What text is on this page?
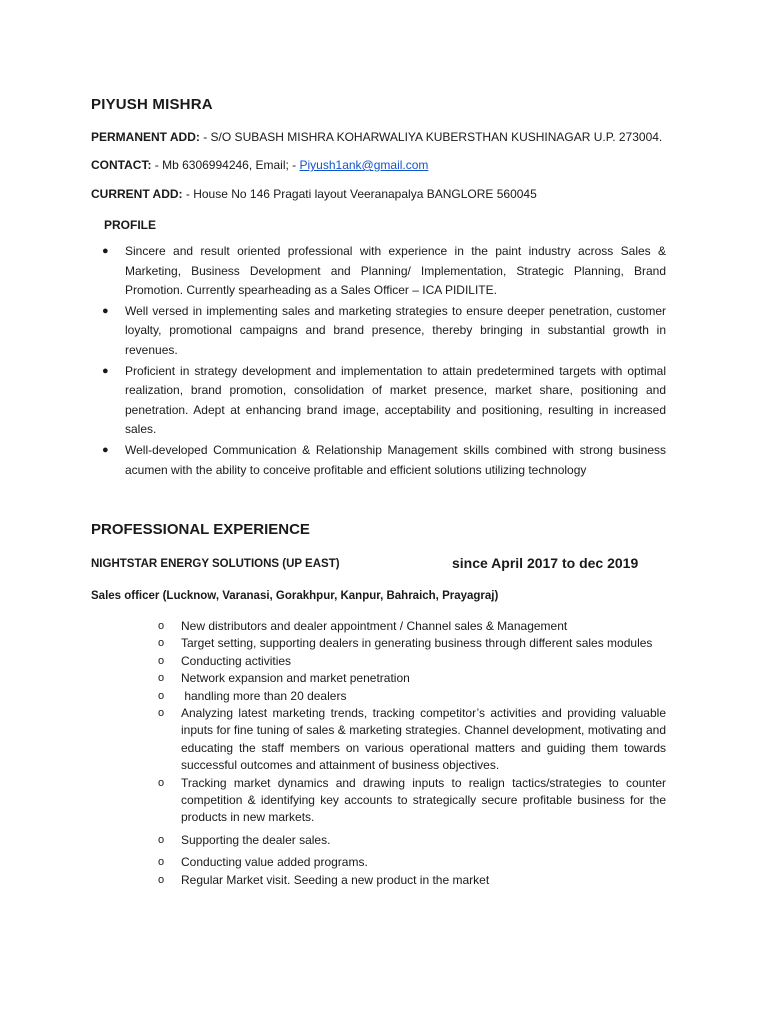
PIYUSH MISHRA
PERMANENT ADD: - S/O SUBASH MISHRA KOHARWALIYA KUBERSTHAN KUSHINAGAR U.P. 273004.
CONTACT: - Mb 6306994246, Email; - Piyush1ank@gmail.com
CURRENT ADD: - House No 146 Pragati layout Veeranapalya BANGLORE 560045
PROFILE
● Sincere and result oriented professional with experience in the paint industry across Sales & Marketing, Business Development and Planning/ Implementation, Strategic Planning, Brand Promotion. Currently spearheading as a Sales Officer – ICA PIDILITE.
● Well versed in implementing sales and marketing strategies to ensure deeper penetration, customer loyalty, promotional campaigns and brand presence, thereby bringing in substantial growth in revenues.
● Proficient in strategy development and implementation to attain predetermined targets with optimal realization, brand promotion, consolidation of market presence, market share, positioning and penetration. Adept at enhancing brand image, acceptability and positioning, resulting in increased sales.
● Well-developed Communication & Relationship Management skills combined with strong business acumen with the ability to conceive profitable and efficient solutions utilizing technology
PROFESSIONAL EXPERIENCE
NIGHTSTAR ENERGY SOLUTIONS (UP EAST)	since April 2017 to dec 2019
Sales officer (Lucknow, Varanasi, Gorakhpur, Kanpur, Bahraich, Prayagraj)
o New distributors and dealer appointment / Channel sales & Management
o Target setting, supporting dealers in generating business through different sales modules
o Conducting activities
o Network expansion and market penetration
o handling more than 20 dealers
o Analyzing latest marketing trends, tracking competitor’s activities and providing valuable inputs for fine tuning of sales & marketing strategies. Channel development, motivating and educating the staff members on various operational matters and guiding them towards successful outcomes and attainment of business objectives.
o Tracking market dynamics and drawing inputs to realign tactics/strategies to counter competition & identifying key accounts to strategically secure profitable business for the products in new markets.
o Supporting the dealer sales.
o Conducting value added programs.
o Regular Market visit. Seeding a new product in the market
